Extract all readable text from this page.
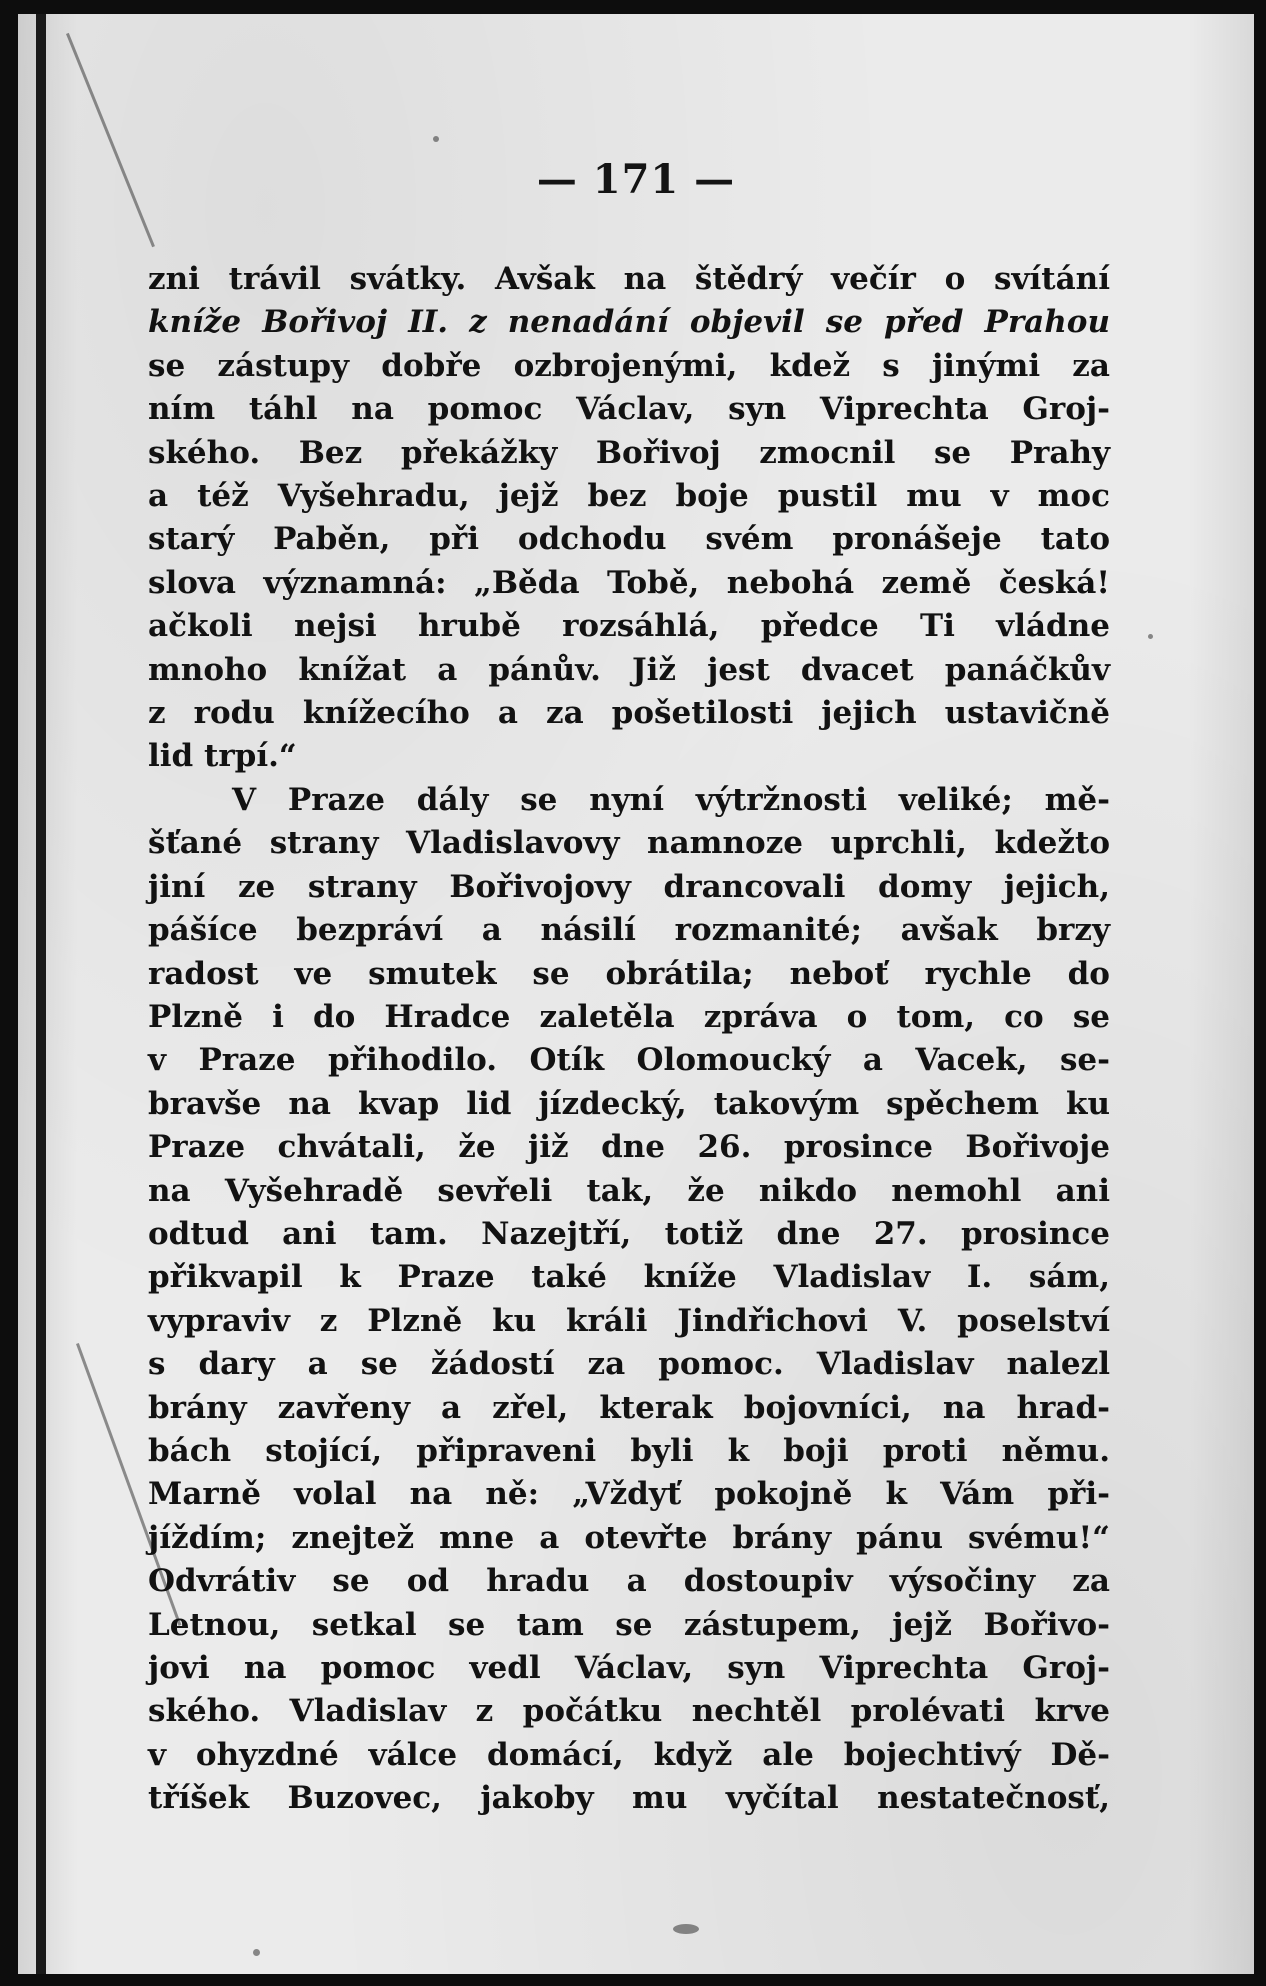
— 171 —
zni trávil svátky. Avšak na štědrý večír o svítání
kníže Bořivoj II. z nenadání objevil se před Prahou
se zástupy dobře ozbrojenými, kdež s jinými za
ním táhl na pomoc Václav, syn Viprechta Groj-
ského. Bez překážky Bořivoj zmocnil se Prahy
a též Vyšehradu, jejž bez boje pustil mu v moc
starý Paběn, při odchodu svém pronášeje tato
slova významná: „Běda Tobě, nebohá země česká!
ačkoli nejsi hrubě rozsáhlá, předce Ti vládne
mnoho knížat a pánův. Již jest dvacet panáčkův
z rodu knížecího a za pošetilosti jejich ustavičně
lid trpí.“
V Praze dály se nyní výtržnosti veliké; mě-
šťané strany Vladislavovy namnoze uprchli, kdežto
jiní ze strany Bořivojovy drancovali domy jejich,
pášíce bezpráví a násilí rozmanité; avšak brzy
radost ve smutek se obrátila; neboť rychle do
Plzně i do Hradce zaletěla zpráva o tom, co se
v Praze přihodilo. Otík Olomoucký a Vacek, se-
bravše na kvap lid jízdecký, takovým spěchem ku
Praze chvátali, že již dne 26. prosince Bořivoje
na Vyšehradě sevřeli tak, že nikdo nemohl ani
odtud ani tam. Nazejtří, totiž dne 27. prosince
přikvapil k Praze také kníže Vladislav I. sám,
vypraviv z Plzně ku králi Jindřichovi V. poselství
s dary a se žádostí za pomoc. Vladislav nalezl
brány zavřeny a zřel, kterak bojovníci, na hrad-
bách stojící, připraveni byli k boji proti němu.
Marně volal na ně: „Vždyť pokojně k Vám při-
jíždím; znejtež mne a otevřte brány pánu svému!“
Odvrátiv se od hradu a dostoupiv výsočiny za
Letnou, setkal se tam se zástupem, jejž Bořivo-
jovi na pomoc vedl Václav, syn Viprechta Groj-
ského. Vladislav z počátku nechtěl prolévati krve
v ohyzdné válce domácí, když ale bojechtivý Dě-
tříšek Buzovec, jakoby mu vyčítal nestatečnosť,
